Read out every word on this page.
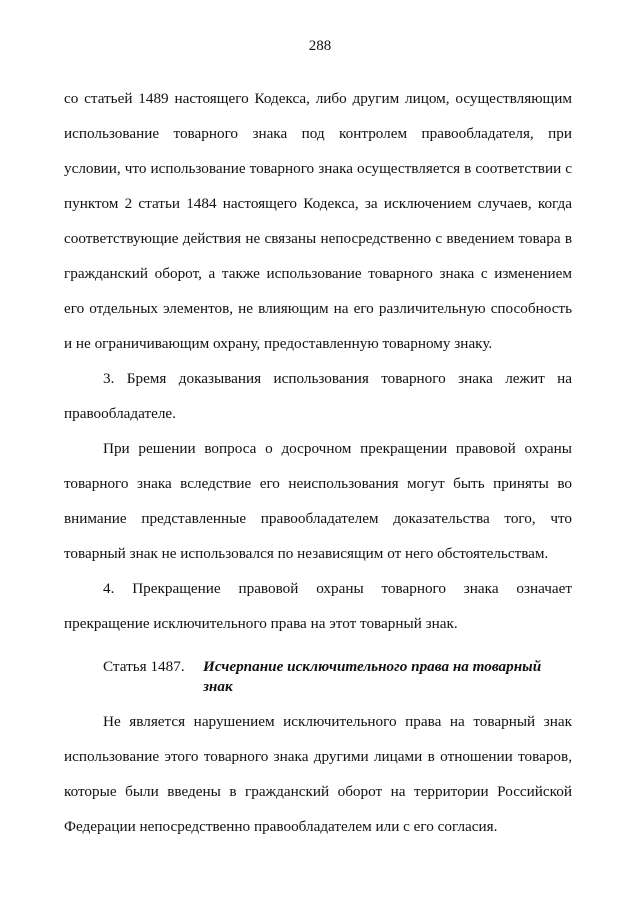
288
со статьей 1489 настоящего Кодекса, либо другим лицом, осуществляющим
использование товарного знака под контролем правообладателя, при
условии, что использование товарного знака осуществляется в соответствии с
пунктом 2 статьи 1484 настоящего Кодекса, за исключением случаев, когда
соответствующие действия не связаны непосредственно с введением товара в
гражданский оборот, а также использование товарного знака с изменением
его отдельных элементов, не влияющим на его различительную способность
и не ограничивающим охрану, предоставленную товарному знаку.
3. Бремя доказывания использования товарного знака лежит на
правообладателе.
При решении вопроса о досрочном прекращении правовой охраны
товарного знака вследствие его неиспользования могут быть приняты во
внимание представленные правообладателем доказательства того, что
товарный знак не использовался по независящим от него обстоятельствам.
4. Прекращение правовой охраны товарного знака означает
прекращение исключительного права на этот товарный знак.
Статья 1487. Исчерпание исключительного права на товарный знак
Не является нарушением исключительного права на товарный знак
использование этого товарного знака другими лицами в отношении товаров,
которые были введены в гражданский оборот на территории Российской
Федерации непосредственно правообладателем или с его согласия.
